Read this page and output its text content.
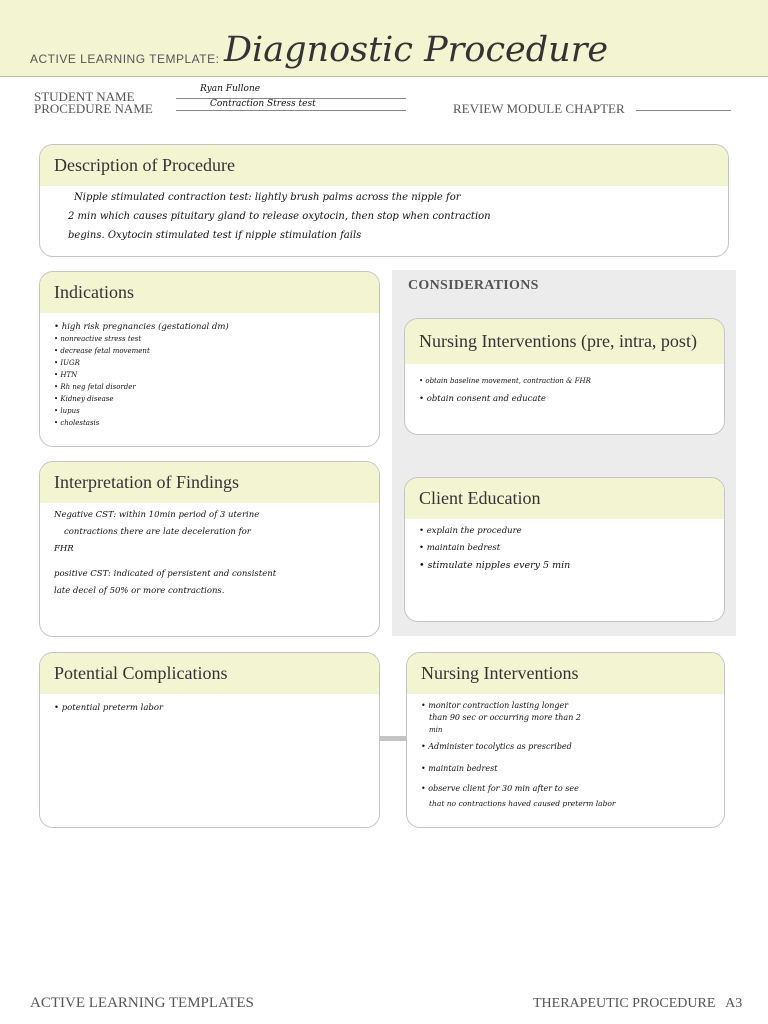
ACTIVE LEARNING TEMPLATE: Diagnostic Procedure
STUDENT NAME	Ryan Fullone
PROCEDURE NAME	Contraction Stress test	REVIEW MODULE CHAPTER
Description of Procedure
Nipple stimulated contraction test: lightly brush palms across the nipple for
2 min which causes pituitary gland to release oxytocin, then stop when contraction
begins. Oxytocin stimulated test if nipple stimulation fails
Indications
• high risk pregnancies (gestational dm)
• nonreactive stress test
• decrease fetal movement
• IUGR
• HTN
• Rh neg fetal disorder
• Kidney disease
• lupus
• cholestasis
Interpretation of Findings
Negative CST: within 10min period of 3 uterine
contractions there are late deceleration for
FHR
positive CST: indicated of persistent and consistent
late decel of 50% or more contractions.
CONSIDERATIONS
Nursing Interventions (pre, intra, post)
• obtain baseline movement, contraction & FHR
• obtain consent and educate
Client Education
• explain the procedure
• maintain bedrest
• stimulate nipples every 5 min
Potential Complications
• potential preterm labor
Nursing Interventions
• monitor contraction lasting longer
than 90 sec or occurring more than 2
min
• Administer tocolytics as prescribed
• maintain bedrest
• observe client for 30 min after to see
that no contractions haved caused preterm labor
ACTIVE LEARNING TEMPLATES	THERAPEUTIC PROCEDURE   A3
